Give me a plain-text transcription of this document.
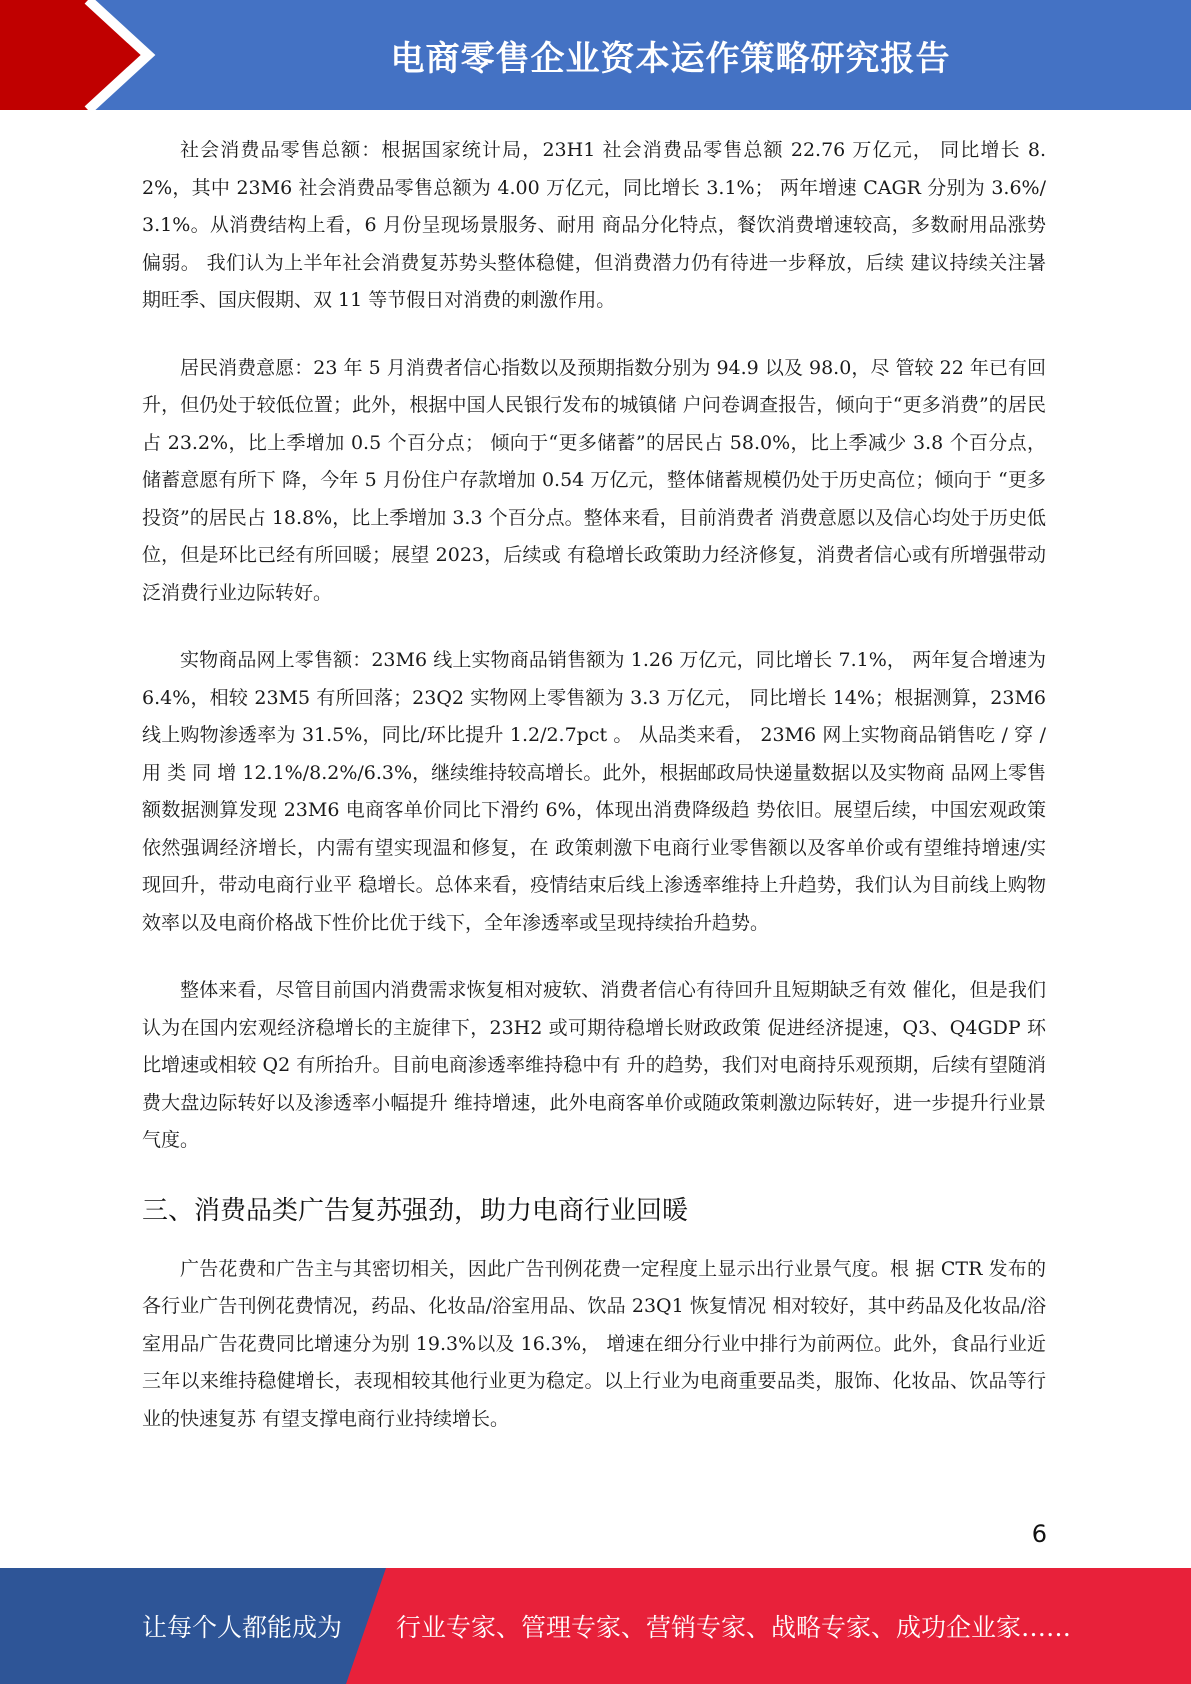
电商零售企业资本运作策略研究报告

社会消费品零售总额：根据国家统计局，23H1 社会消费品零售总额 22.76 万亿元， 同比增长 8.2%，其中 23M6 社会消费品零售总额为 4.00 万亿元，同比增长 3.1%； 两年增速 CAGR 分别为 3.6%/3.1%。从消费结构上看，6 月份呈现场景服务、耐用 商品分化特点，餐饮消费增速较高，多数耐用品涨势偏弱。 我们认为上半年社会消费复苏势头整体稳健，但消费潜力仍有待进一步释放，后续 建议持续关注暑期旺季、国庆假期、双 11 等节假日对消费的刺激作用。

居民消费意愿：23 年 5 月消费者信心指数以及预期指数分别为 94.9 以及 98.0，尽 管较 22 年已有回升，但仍处于较低位置；此外，根据中国人民银行发布的城镇储 户问卷调查报告，倾向于“更多消费”的居民占 23.2%，比上季增加 0.5 个百分点； 倾向于“更多储蓄”的居民占 58.0%，比上季减少 3.8 个百分点，储蓄意愿有所下 降，今年 5 月份住户存款增加 0.54 万亿元，整体储蓄规模仍处于历史高位；倾向于 “更多投资”的居民占 18.8%，比上季增加 3.3 个百分点。整体来看，目前消费者 消费意愿以及信心均处于历史低位，但是环比已经有所回暖；展望 2023，后续或 有稳增长政策助力经济修复，消费者信心或有所增强带动泛消费行业边际转好。

实物商品网上零售额：23M6 线上实物商品销售额为 1.26 万亿元，同比增长 7.1%， 两年复合增速为 6.4%，相较 23M5 有所回落；23Q2 实物网上零售额为 3.3 万亿元， 同比增长 14%；根据测算，23M6 线上购物渗透率为 31.5%，同比/环比提升 1.2/2.7pct 。 从品类来看， 23M6 网上实物商品销售吃 / 穿 / 用 类 同 增 12.1%/8.2%/6.3%，继续维持较高增长。此外，根据邮政局快递量数据以及实物商 品网上零售额数据测算发现 23M6 电商客单价同比下滑约 6%，体现出消费降级趋 势依旧。展望后续，中国宏观政策依然强调经济增长，内需有望实现温和修复，在 政策刺激下电商行业零售额以及客单价或有望维持增速/实现回升，带动电商行业平 稳增长。总体来看，疫情结束后线上渗透率维持上升趋势，我们认为目前线上购物 效率以及电商价格战下性价比优于线下，全年渗透率或呈现持续抬升趋势。

整体来看，尽管目前国内消费需求恢复相对疲软、消费者信心有待回升且短期缺乏有效 催化，但是我们认为在国内宏观经济稳增长的主旋律下，23H2 或可期待稳增长财政政策 促进经济提速，Q3、Q4GDP 环比增速或相较 Q2 有所抬升。目前电商渗透率维持稳中有 升的趋势，我们对电商持乐观预期，后续有望随消费大盘边际转好以及渗透率小幅提升 维持增速，此外电商客单价或随政策刺激边际转好，进一步提升行业景气度。

三、消费品类广告复苏强劲，助力电商行业回暖

广告花费和广告主与其密切相关，因此广告刊例花费一定程度上显示出行业景气度。根 据 CTR 发布的各行业广告刊例花费情况，药品、化妆品/浴室用品、饮品 23Q1 恢复情况 相对较好，其中药品及化妆品/浴室用品广告花费同比增速分为别 19.3%以及 16.3%， 增速在细分行业中排行为前两位。此外，食品行业近三年以来维持稳健增长，表现相较其他行业更为稳定。以上行业为电商重要品类，服饰、化妆品、饮品等行业的快速复苏 有望支撑电商行业持续增长。

6
让每个人都能成为 行业专家、管理专家、营销专家、战略专家、成功企业家……
